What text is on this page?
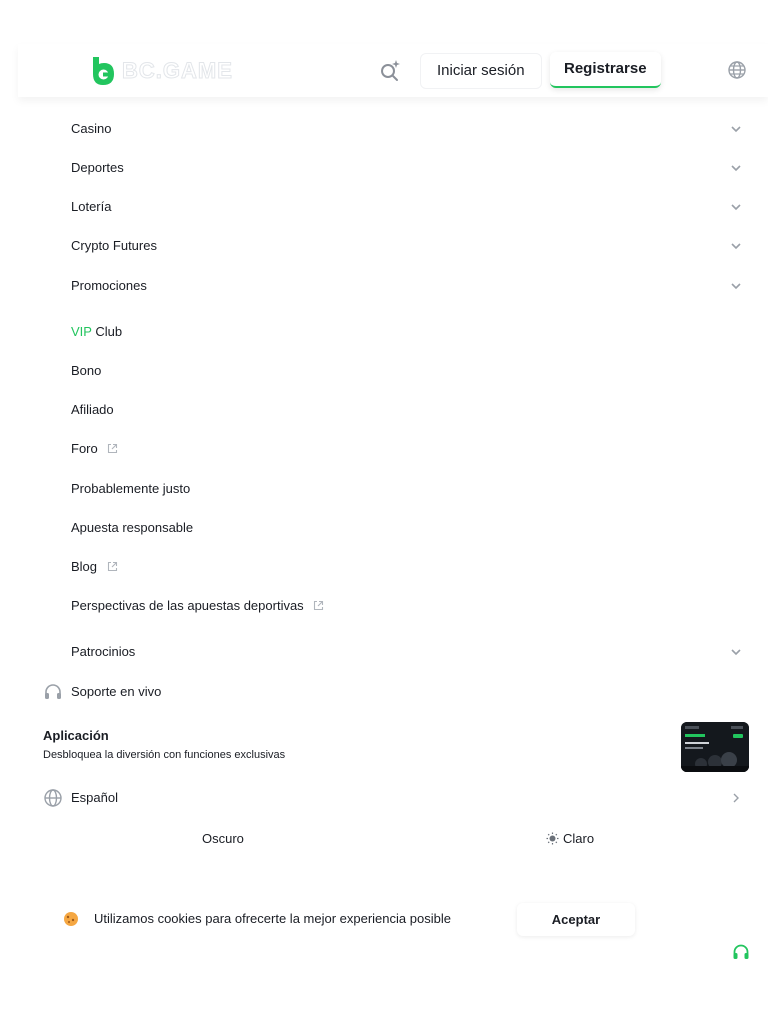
BC.GAME	Iniciar sesión	Registrarse
Casino
Deportes
Lotería
Crypto Futures
Promociones
VIP Club
Bono
Afiliado
Foro
Probablemente justo
Apuesta responsable
Blog
Perspectivas de las apuestas deportivas
Patrocinios
Soporte en vivo
Aplicación
Desbloquea la diversión con funciones exclusivas
Español
Oscuro	Claro
Utilizamos cookies para ofrecerte la mejor experiencia posible	Aceptar
